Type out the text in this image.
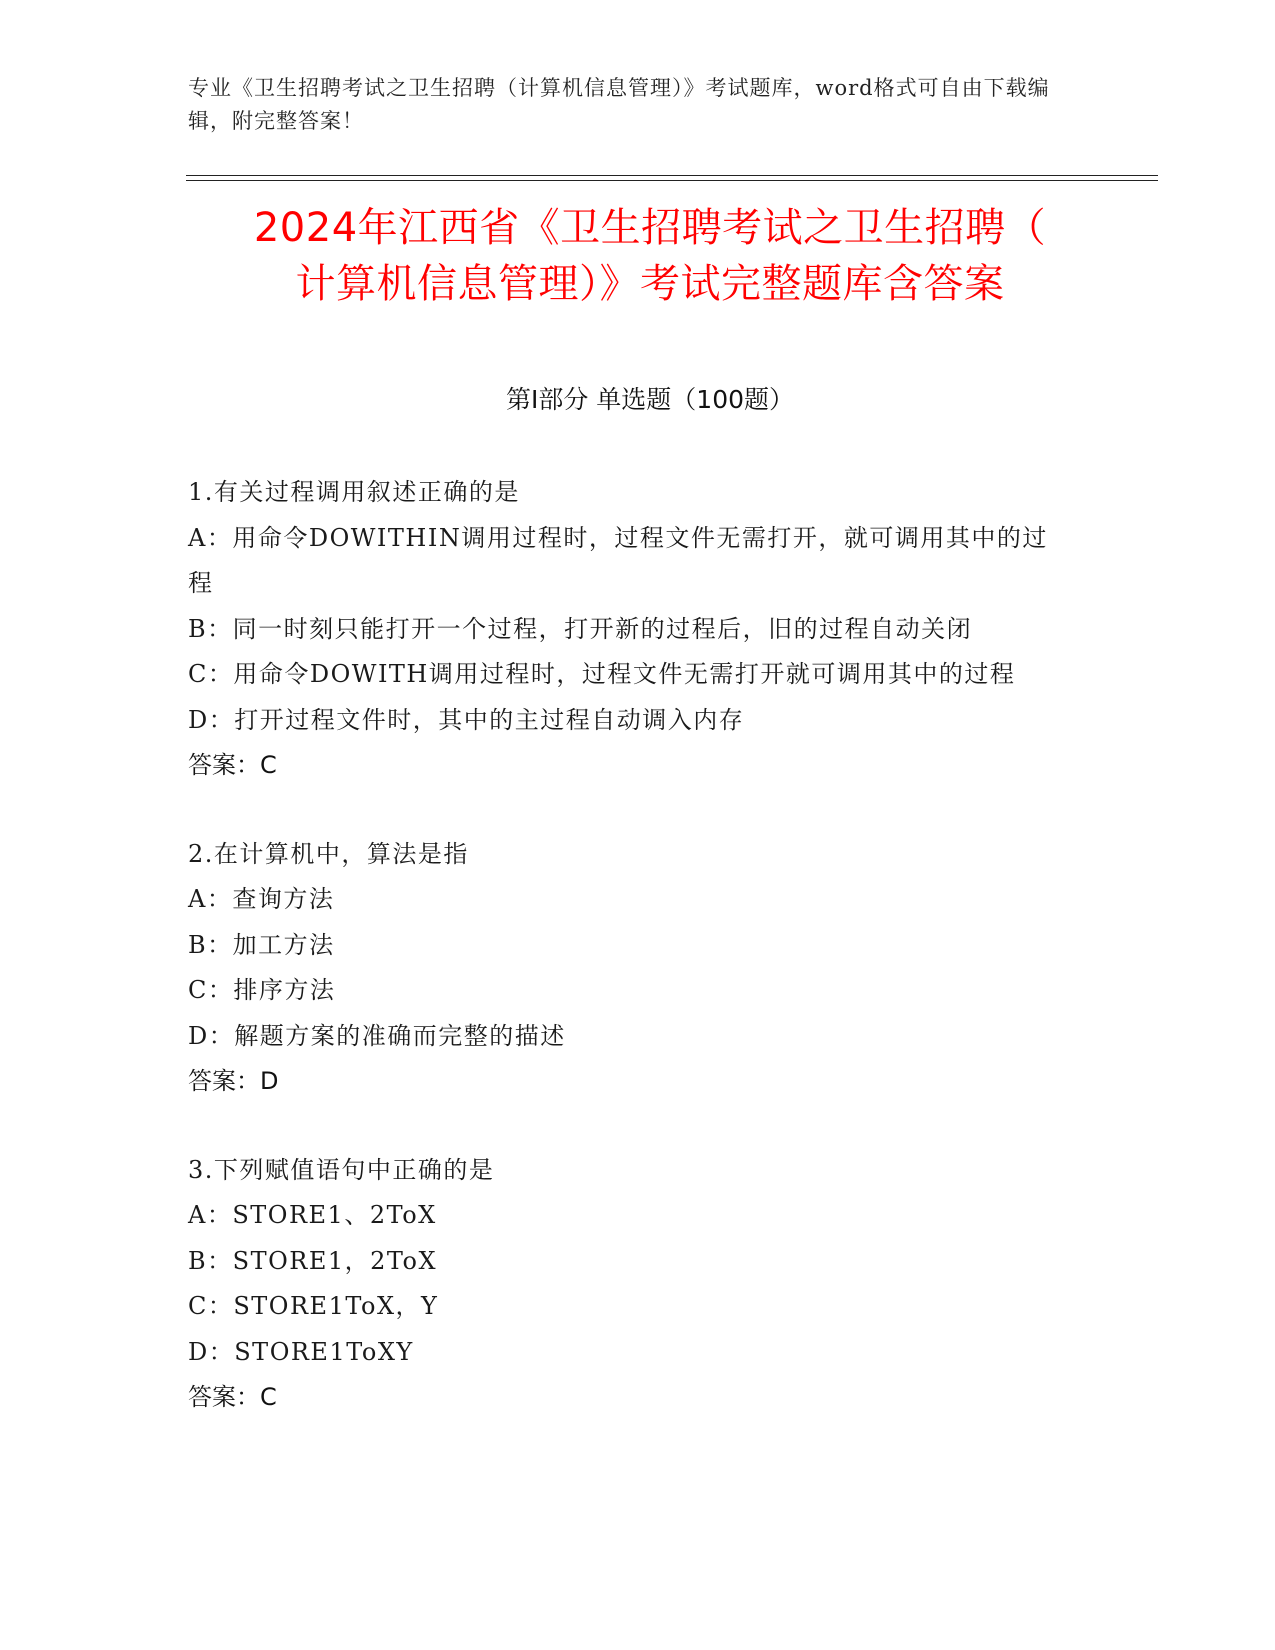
专业《卫生招聘考试之卫生招聘（计算机信息管理）》考试题库，word格式可自由下载编辑，附完整答案！
2024年江西省《卫生招聘考试之卫生招聘（
计算机信息管理）》考试完整题库含答案
第Ⅰ部分 单选题（100题）
1.有关过程调用叙述正确的是
A：用命令DOWITHIN调用过程时，过程文件无需打开，就可调用其中的过程
B：同一时刻只能打开一个过程，打开新的过程后，旧的过程自动关闭
C：用命令DOWITH调用过程时，过程文件无需打开就可调用其中的过程
D：打开过程文件时，其中的主过程自动调入内存
答案：C
2.在计算机中，算法是指
A：查询方法
B：加工方法
C：排序方法
D：解题方案的准确而完整的描述
答案：D
3.下列赋值语句中正确的是
A：STORE1、2ToX
B：STORE1，2ToX
C：STORE1ToX，Y
D：STORE1ToXY
答案：C
